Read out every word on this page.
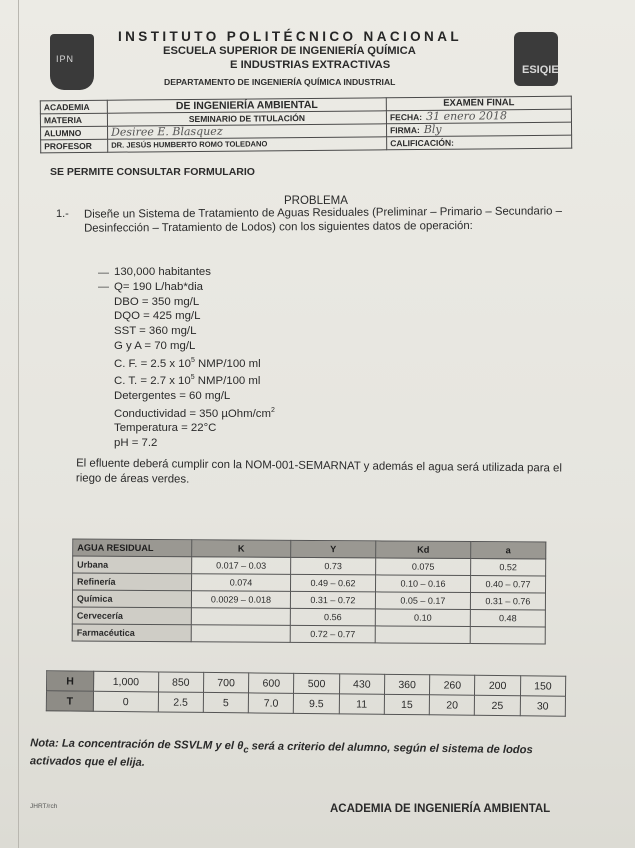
IPN
ESIQIE
INSTITUTO POLITÉCNICO NACIONAL
ESCUELA SUPERIOR DE INGENIERÍA QUÍMICA
E INDUSTRIAS EXTRACTIVAS
DEPARTAMENTO DE INGENIERÍA QUÍMICA INDUSTRIAL
ACADEMIA	DE INGENIERÍA AMBIENTAL	EXAMEN FINAL
MATERIA	SEMINARIO DE TITULACIÓN	FECHA: 31 enero 2018
ALUMNO	Desiree E. Blasquez	FIRMA: Bly
PROFESOR	DR. JESÚS HUMBERTO ROMO TOLEDANO	CALIFICACIÓN:
SE PERMITE CONSULTAR FORMULARIO
PROBLEMA
1.- Diseñe un Sistema de Tratamiento de Aguas Residuales (Preliminar – Primario – Secundario – Desinfección – Tratamiento de Lodos) con los siguientes datos de operación:
—
—
130,000 habitantes
Q= 190 L/hab*dia
DBO = 350 mg/L
DQO = 425 mg/L
SST = 360 mg/L
G y A = 70 mg/L
C. F. = 2.5 x $10^5$ NMP/100 ml
C. T. = 2.7 x $10^5$ NMP/100 ml
Detergentes = 60 mg/L
Conductividad = 350 µOhm/$cm^2$
Temperatura = 22°C
pH = 7.2
El efluente deberá cumplir con la NOM-001-SEMARNAT y además el agua será utilizada para el riego de áreas verdes.
AGUA RESIDUAL	K	Y	Kd	a
Urbana	0.017 – 0.03	0.73	0.075	0.52
Refinería	0.074	0.49 – 0.62	0.10 – 0.16	0.40 – 0.77
Química	0.0029 – 0.018	0.31 – 0.72	0.05 – 0.17	0.31 – 0.76
Cervecería		0.56	0.10	0.48
Farmacéutica		0.72 – 0.77		
H	1,000	850	700	600	500	430	360	260	200	150
T	0	2.5	5	7.0	9.5	11	15	20	25	30
Nota: La concentración de SSVLM y el $\theta_c$ será a criterio del alumno, según el sistema de lodos activados que el elija.
JHRT/rch	ACADEMIA DE INGENIERÍA AMBIENTAL
